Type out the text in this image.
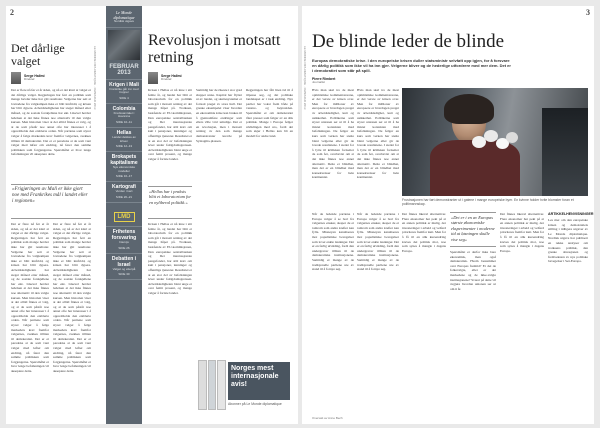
2
LE MONDE DIPLOMATIQUE · FEBRUAR 2013
Det dårlige valget
Serge Halimi
Direktør
Det er flere nå før et år siden, og nå er det klart at valget er det dårlige valget. Regjeringen har ført en politikk som mange hevder ikke har gitt resultater. Velgerne har sett at lovnadene fra valgkampen ikke er blitt innfridd, og krisen har blitt dypere. Arbeidsledigheten har steget måned etter måned, og de sosiale forskjellene har økt. Likevel hevder ledelsen at det ikke finnes noe alternativ til den valgte kursen. Men historien viser at det alltid finnes et valg, og at de som påstår noe annet ofte har interesser i å opprettholde den etablerte orden. Når partiene som styrer velger å følge markedets krav fremfor velgernes, svekkes tilliten til demokratiet. Det er et paradoks at de som vant valget med løfter om endring, nå fører den samme politikken som forgjengerne. Spørsmålet er hvor lenge befolkningen vil akseptere dette.
«Frigjøringen av Mali er ikke gjort noe med Frankrikes mål i landet eller i regionen»
Det er flere nå før et år siden, og nå er det klart at valget er det dårlige valget. Regjeringen har ført en politikk som mange hevder ikke har gitt resultater. Velgerne har sett at lovnadene fra valgkampen ikke er blitt innfridd, og krisen har blitt dypere. Arbeidsledigheten har steget måned etter måned, og de sosiale forskjellene har økt. Likevel hevder ledelsen at det ikke finnes noe alternativ til den valgte kursen. Men historien viser at det alltid finnes et valg, og at de som påstår noe annet ofte har interesser i å opprettholde den etablerte orden. Når partiene som styrer velger å følge markedets krav fremfor velgernes, svekkes tilliten til demokratiet. Det er et paradoks at de som vant valget med løfter om endring, nå fører den samme politikken som forgjengerne. Spørsmålet er hvor lenge befolkningen vil akseptere dette.
Det er flere nå før et år siden, og nå er det klart at valget er det dårlige valget. Regjeringen har ført en politikk som mange hevder ikke har gitt resultater. Velgerne har sett at lovnadene fra valgkampen ikke er blitt innfridd, og krisen har blitt dypere. Arbeidsledigheten har steget måned etter måned, og de sosiale forskjellene har økt. Likevel hevder ledelsen at det ikke finnes noe alternativ til den valgte kursen. Men historien viser at det alltid finnes et valg, og at de som påstår noe annet ofte har interesser i å opprettholde den etablerte orden. Når partiene som styrer velger å følge markedets krav fremfor velgernes, svekkes tilliten til demokratiet. Det er et paradoks at de som vant valget med løfter om endring, nå fører den samme politikken som forgjengerne. Spørsmålet er hvor lenge befolkningen vil akseptere dette.
Le Monde diplomatique
Nordisk utgave
FEBRUAR 2013
Krigen i Mali
Frankrike går inn med tropper
SIDE 4
Colombia
Fredssamtaler i Havanna
SIDE 10–11
Hellas
Landet dekkes av krisen
SIDE 12–13
Brokapets kapitalisme
Nye økonomiske modeller
SIDE 16–17
Kartografi
Verden i kart
SIDE 20–21
LMD
Frihetens forsvaring
Intervju
SIDE 26
Debatten i Israel
Valget og etterpå
SIDE 30
Revolusjon i motsatt retning
Serge Halimi
Direktør
Krisen i Hellas er nå inne i sitt femte år, og landet har blitt et laboratorium for en politikk som går i motsatt retning av det mange håpet på. Troikaen, bestående av EU-kommisjonen, Den europeiske sentralbanken og Det internasjonale pengefondet, har stilt krav om kutt i pensjoner, lønninger og offentlige tjenester. Resultatet er at en stor del av befolkningen lever under fattigdomsgrensen. Arbeidsledigheten blant unge er over femti prosent, og mange velger å forlate landet.
«Hellas har i praksis blitt et laboratorium for en nyliberal politikk.»
Krisen i Hellas er nå inne i sitt femte år, og landet har blitt et laboratorium for en politikk som går i motsatt retning av det mange håpet på. Troikaen, bestående av EU-kommisjonen, Den europeiske sentralbanken og Det internasjonale pengefondet, har stilt krav om kutt i pensjoner, lønninger og offentlige tjenester. Resultatet er at en stor del av befolkningen lever under fattigdomsgrensen. Arbeidsledigheten blant unge er over femti prosent, og mange velger å forlate landet.
Samtidig har de rikeste i stor grad sluppet unna. Kapital har flyttet ut av landet, og skattesystemet er fortsatt preget av store hull. Det greske eksempelet viser hvordan en økonomisk krise kan brukes til å gjennomføre endringer som ellers ville vært umulige. Det er en revolusjon, men i motsatt retning av den som mange demonstranter krevde på Syntagma-plassen.
Regjeringen har fått liten tid til å tilpasse seg, og det politiske landskapet er i rask endring. Nye partier har vokst frem både på venstre- og høyresiden. Spørsmålet er om demokratiet tåler presset som følger av en slik politikk. Mange i Europa følger utviklingen med uro, fordi det som skjer i Hellas kan bli en modell for andre land.
Norges mest internasjonale avis!
Abonner på Le Monde diplomatique
3
LE MONDE DIPLOMATIQUE · FEBRUAR 2013
De blinde leder de blinde
Europas demokratiske krise. I den europeiske krisen duller statsministr selvfølt opp igjen, for å forsvare en dårlig politikk som ikke vil ha inn gjer. Velgerne bliver og de hederlige utfordrere med mer dem. Det er i demokratiet som står på spill.
Pierre Rimbert
Journalist
Hvis man skal tro de mest optimistiske kommentatorene, er det verste av krisen over. Men for millioner av europeere er hverdagen preget av arbeidsledighet, kutt og usikkerhet. Politikerne som styrer unionen ser ut til å ha mistet kontakten med befolkningen. De følger en kurs som verken har støtte blant velgerne eller gir de lovede resultatene. I stedet for å lytte til kritikken fortsetter de som før, overbevist om at det ikke finnes noe annet alternativ. Dette er blindhet, men det er en blindhet med konsekvenser for hele kontinentet.
Hvis man skal tro de mest optimistiske kommentatorene, er det verste av krisen over. Men for millioner av europeere er hverdagen preget av arbeidsledighet, kutt og usikkerhet. Politikerne som styrer unionen ser ut til å ha mistet kontakten med befolkningen. De følger en kurs som verken har støtte blant velgerne eller gir de lovede resultatene. I stedet for å lytte til kritikken fortsetter de som før, overbevist om at det ikke finnes noe annet alternativ. Dette er blindhet, men det er en blindhet med konsekvenser for hele kontinentet.
Frustrasjonen har ført demonstranter ut i gatene i mange europeiske byer. En kvinne holder hvite blomster foran et politimannskap.
Når de ledende partiene i Europa velger å se bort fra velgernes ønsker, skaper de et tomrom som andre krefter kan fylle. Misnøyen kanaliseres mot populistiske bevegelser som lover enkle løsninger. Det er en farlig utvikling, fordi den undergraver tilliten til de demokratiske institusjonene. Samtidig er mange av de tradisjonelle partiene ute av stand til å fornye seg.
Når de ledende partiene i Europa velger å se bort fra velgernes ønsker, skaper de et tomrom som andre krefter kan fylle. Misnøyen kanaliseres mot populistiske bevegelser som lover enkle løsninger. Det er en farlig utvikling, fordi den undergraver tilliten til de demokratiske institusjonene. Samtidig er mange av de tradisjonelle partiene ute av stand til å fornye seg.
Det finnes likevel alternativer. Flere økonomer har pekt på at en annen politikk er mulig, der investeringer i arbeid og velferd prioriteres fremfor kutt. Men for å få til en slik kursendring kreves det politisk mot, noe som synes å mangle i dagens Europa.
«Det er i en av Europas største økonomiske eksperimenter i moderne tid at løsningen skulle vise seg»
Spørsmålet er derfor ikke bare økonomisk, men også demokratisk. Hvem bestemmer over Europas fremtid? Er det de folkevalgte, eller er det markedene og de ikke-valgte institusjonene? Svaret på dette vil avgjøre hvordan unionen ser ut om ti år.
Det finnes likevel alternativer. Flere økonomer har pekt på at en annen politikk er mulig, der investeringer i arbeid og velferd prioriteres fremfor kutt. Men for å få til en slik kursendring kreves det politisk mot, noe som synes å mangle i dagens Europa.
ARTIKKELHENVISNINGER
Les mer om den europeiske krisen og demokratiets stilling i tidligere utgaver av Le Monde diplomatique. Nordisk utgave har publisert en rekke analyser om troikaens politikk, den greske situasjonen og fremveksten av nye politiske bevegelser i Sør-Europa.
Oversatt av Anne Bech
